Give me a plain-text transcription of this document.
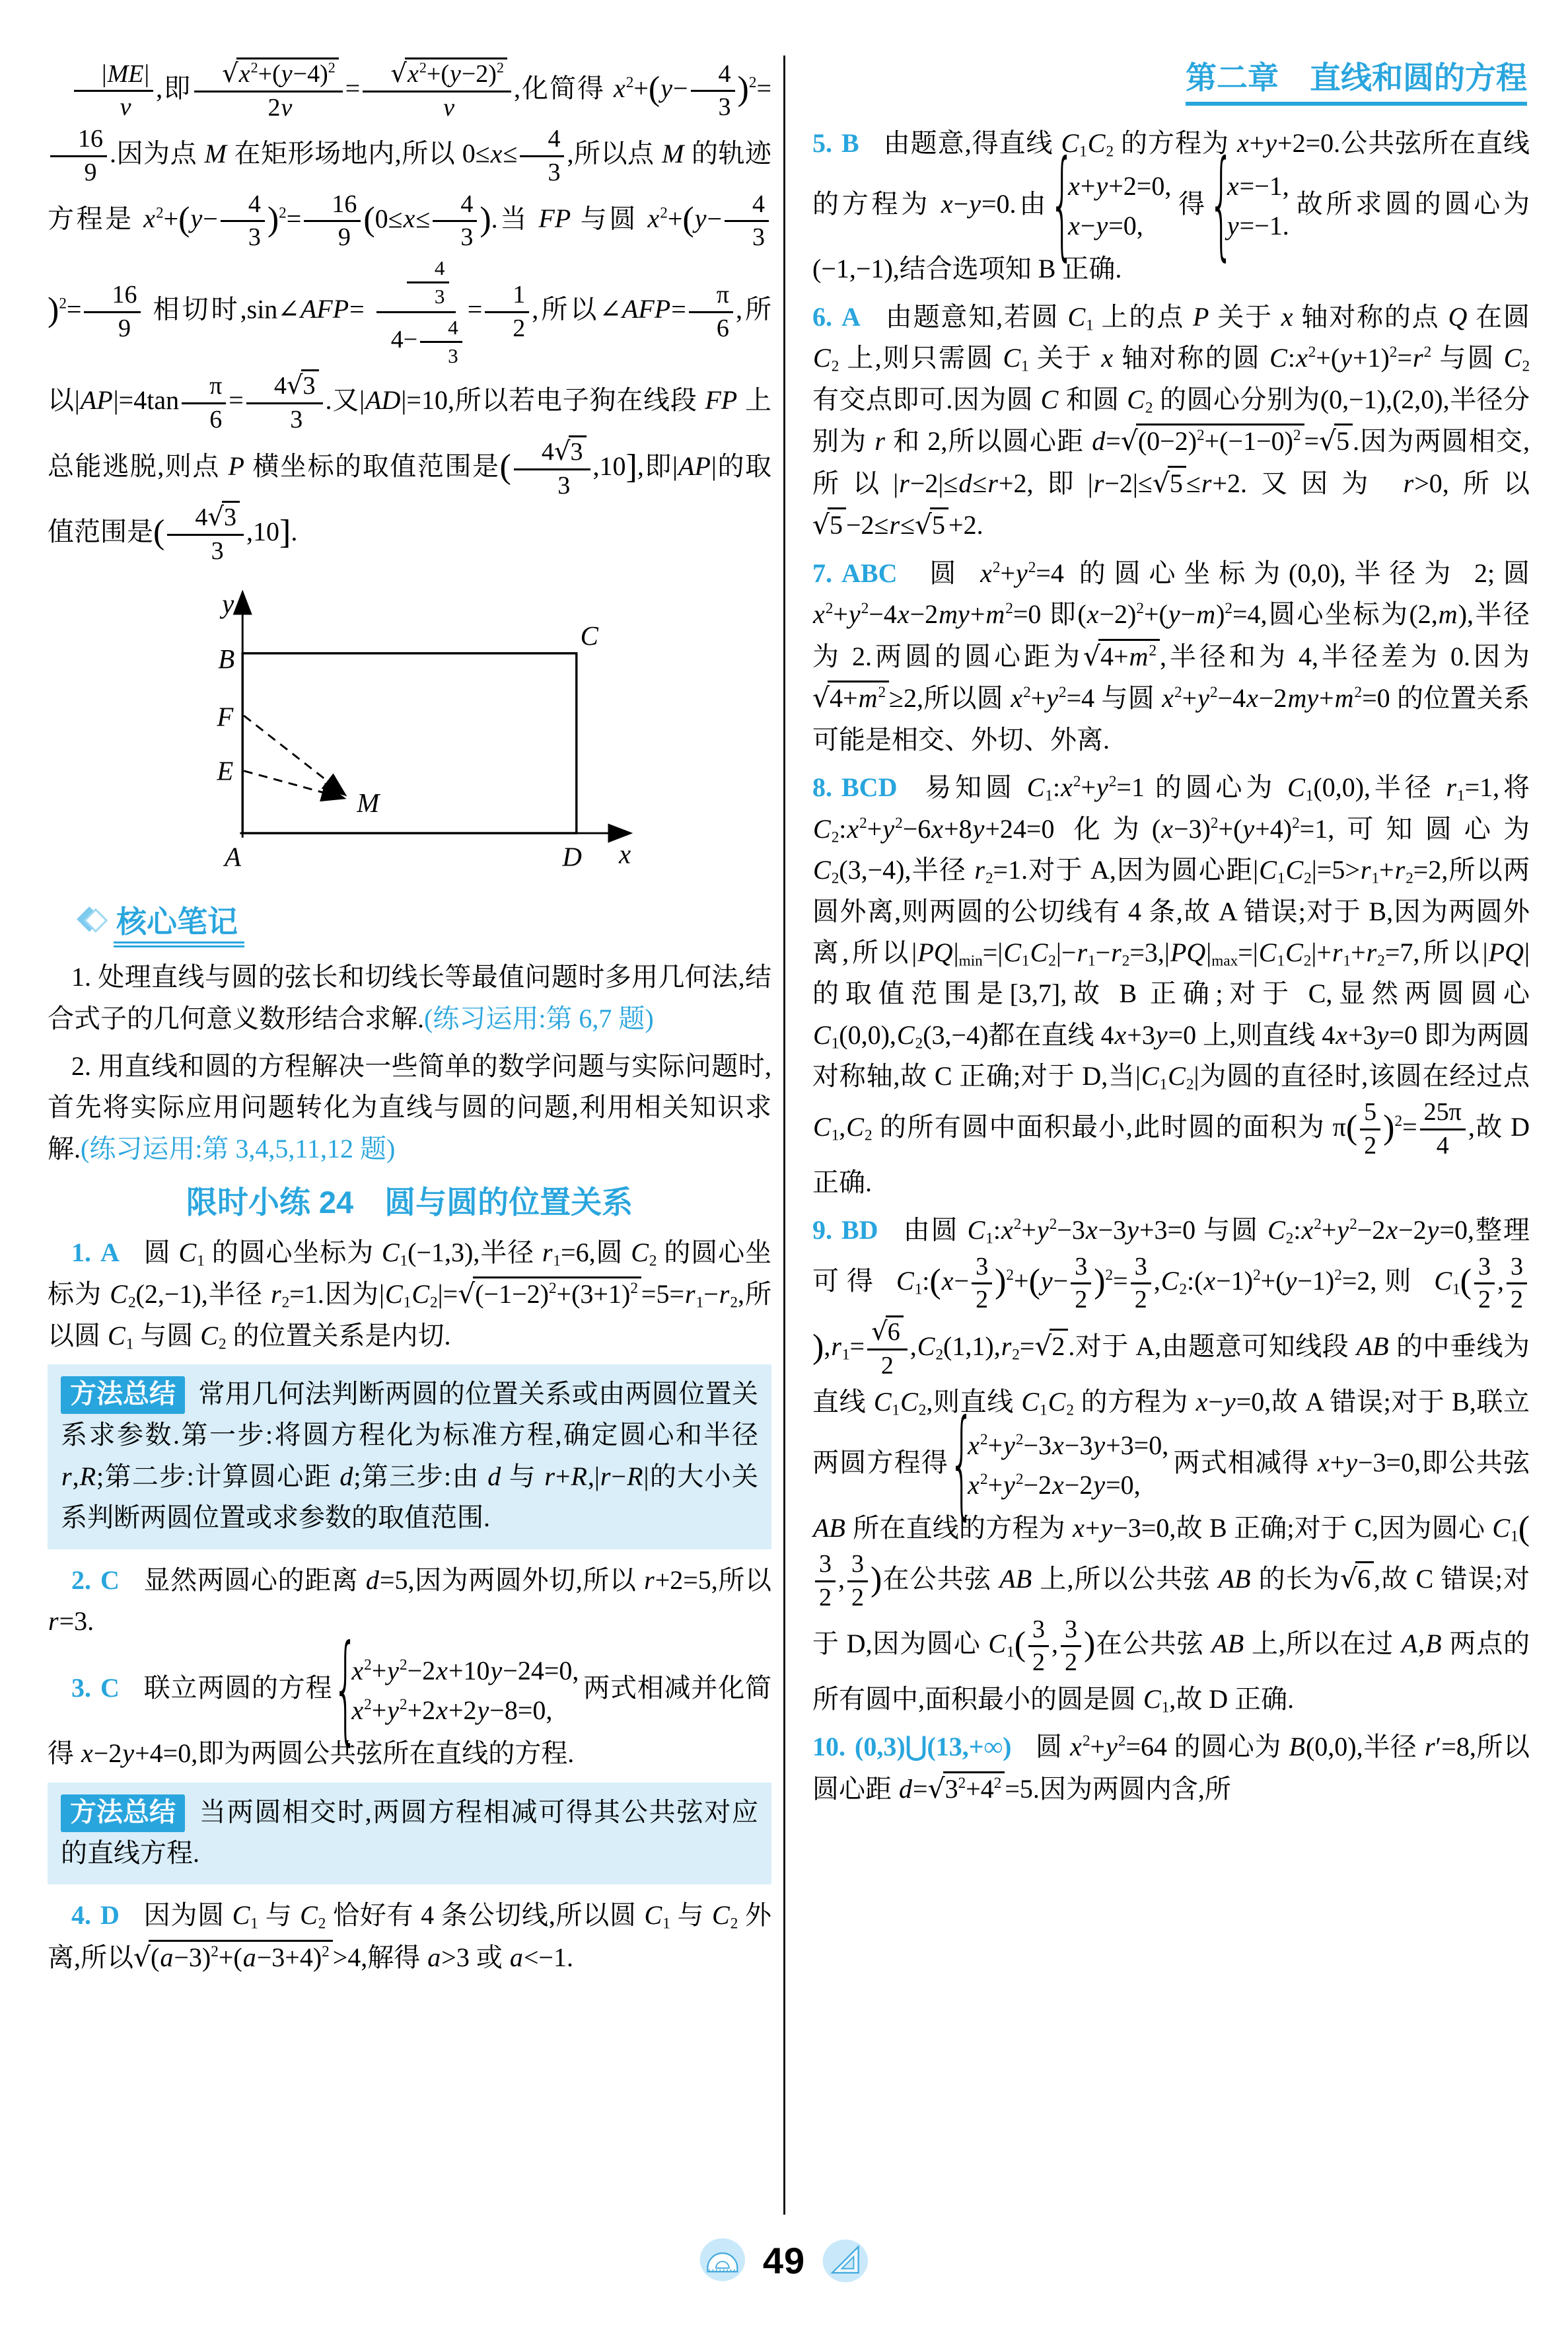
第二章　直线和圆的方程

$\frac{|ME|}{v}$ ,即 √ $\frac{x^2+(y-4)^2}{2v}$ = √ $\frac{x^2+(y-2)^2}{v}$ ,化简得 $x^2+(y- \frac{4}{3} )^2=$
$\frac{16}{9}$ .因为点 M 在矩形场地内,所以 $0\le x\le \frac{4}{3}$ ,所以点 M 的轨迹方程是 $x^2+(y- \frac{4}{3} )^2= \frac{16}{9} (0\le x\le \frac{4}{3}$ ).当 FP 与圆 $x^2+(y- \frac{4}{3}$
)$^2= \frac{16}{9}$ 相切时,sin∠AFP= $\frac{\frac{4}{3}}{4- \frac{4}{3}} = \frac{1}{2}$ ,所以∠AFP= $\frac{\pi}{6}$ ,所以$|AP|=4\tan \frac{\pi}{6} = \frac{4 √ 3}{3}$ .又|AD|=10,所以若电子狗在线段 FP 上总能逃脱,则点 P 横坐标的取值范围是( $\frac{4 √ 3}{3} ,10$],即|AP|的取值范围是( $\frac{4 √ 3}{3} ,10$].

y
x
B
C
F
E
M
A	D
核心笔记

1. 处理直线与圆的弦长和切线长等最值问题时多用几何法,结合式子的几何意义数形结合求解.(练习运用:第 6,7 题)

2. 用直线和圆的方程解决一些简单的数学问题与实际问题时,首先将实际应用问题转化为直线与圆的问题,利用相关知识求解.(练习运用:第 3,4,5,11,12 题)

限时小练 24　圆与圆的位置关系

1. A 圆 $C_1$ 的圆心坐标为 $C_1(-1,3)$,半径 $r_1=6$,圆 $C_2$ 的圆心坐标为 $C_2(2,-1)$,半径 $r_2=1$.因为$|C_1C_2|=$ √ $(-1-2)^2+(3+1)^2 =5=r_1-r_2$,所以圆 $C_1$ 与圆 $C_2$ 的位置关系是内切.

方法总结 常用几何法判断两圆的位置关系或由两圆位置关系求参数.第一步:将圆方程化为标准方程,确定圆心和半径 r,R;第二步:计算圆心距 d;第三步:由 d 与 r+R,|r−R|的大小关系判断两圆位置或求参数的取值范围.

2. C 显然两圆心的距离 d=5,因为两圆外切,所以 r+2=5,所以 r=3.

3. C 联立两圆的方程
{ $x^2+y^2-2x+10y-24=0$,
$x^2+y^2+2x+2y-8=0$,
两式相减并化简得 x−2y+4=0,即为两圆公共弦所在直线的方程.

方法总结 当两圆相交时,两圆方程相减可得其公共弦对应的直线方程.

4. D 因为圆 $C_1$ 与 $C_2$ 恰好有 4 条公切线,所以圆 $C_1$ 与 $C_2$ 外离,所以 √ $(a-3)^2+(a-3+4)^2 >4$,解得 a>3 或 a<−1.

5. B 由题意,得直线 $C_1C_2$ 的方程为 x+y+2=0.公共弦所在直线的方程为 x−y=0.由
{ x+y+2=0,
x−y=0,
得
{ x=−1,
y=−1.
故所求圆的圆心为(−1,−1),结合选项知 B 正确.

6. A 由题意知,若圆 $C_1$ 上的点 P 关于 x 轴对称的点 Q 在圆 $C_2$ 上,则只需圆 $C_1$ 关于 x 轴对称的圆 $C:x^2+(y+1)^2=r^2$ 与圆 $C_2$ 有交点即可.因为圆 C 和圆 $C_2$ 的圆心分别为(0,−1),(2,0),半径分别为 r 和 2,所以圆心距 d= √ $(0-2)^2+(-1-0)^2$ = √ 5 .因为两圆相交,所以|r−2|≤d≤r+2,即|r−2|≤ √ 5 ≤r+2.又因为 r>0,所以√ 5 −2≤r≤ √ 5 +2.

7. ABC 圆 $x^2+y^2=4$ 的圆心坐标为(0,0),半径为 2;圆 $x^2+y^2-4x-2my+m^2=0$ 即$(x-2)^2+(y-m)^2=4$,圆心坐标为(2,m),半径为 2.两圆的圆心距为 √ $4+m^2$ ,半径和为 4,半径差为 0.因为√ $4+m^2 \ge 2$,所以圆 $x^2+y^2=4$ 与圆 $x^2+y^2-4x-2my+m^2=0$ 的位置关系可能是相交、外切、外离.

8. BCD 易知圆 $C_1:x^2+y^2=1$ 的圆心为 $C_1(0,0)$,半径 $r_1=1$,将 $C_2:x^2+y^2-6x+8y+24=0$ 化为$(x-3)^2+(y+4)^2=1$,可知圆心为 $C_2(3,-4)$,半径 $r_2=1$.对于 A,因为圆心距$|C_1C_2|=5>r_1+r_2=2$,所以两圆外离,则两圆的公切线有 4 条,故 A 错误;对于 B,因为两圆外离,所以$|PQ|_{min}=|C_1C_2|-r_1-r_2=3,|PQ|_{max}=|C_1C_2|+r_1+r_2=7$,所以|PQ|的取值范围是[3,7],故 B 正确;对于 C,显然两圆圆心 $C_1(0,0),C_2(3,-4)$都在直线 4x+3y=0 上,则直线 4x+3y=0 即为两圆对称轴,故 C 正确;对于 D,当$|C_1C_2|$为圆的直径时,该圆在经过点 $C_1,C_2$ 的所有圆中面积最小,此时圆的面积为 $\pi( \frac{5}{2} )^2= \frac{25\pi}{4}$ ,故 D 正确.

9. BD 由圆 $C_1:x^2+y^2-3x-3y+3=0$ 与圆 $C_2:x^2+y^2-2x-2y=0$,整理可得 $C_1:(x- \frac{3}{2} )^2+(y- \frac{3}{2} )^2= \frac{3}{2}$ $,C_2:(x-1)^2+(y-1)^2=2$,则 $C_1( \frac{3}{2}$ , $\frac{3}{2}$
)$,r_1=$ √ $\frac{6}{2} ,C_2(1,1),r_2=$ √ 2 .对于 A,由题意可知线段 AB 的中垂线为直线 $C_1C_2$,则直线 $C_1C_2$ 的方程为 x−y=0,故 A 错误;对于 B,联立两圆方程得
{ $x^2+y^2-3x-3y+3=0$,
$x^2+y^2-2x-2y=0$,
两式相减得 x+y−3=0,即公共弦 AB 所在直线的方程为 x+y−3=0,故 B 正确;对于 C,因为圆心 $C_1$(
$\frac{3}{2}$ , $\frac{3}{2}$ )在公共弦 AB 上,所以公共弦 AB 的长为 √ 6 ,故 C 错误;对于 D,因为圆心 $C_1( \frac{3}{2}$ , $\frac{3}{2}$ )在公共弦 AB 上,所以在过 A,B 两点的所有圆中,面积最小的圆是圆 $C_1$,故 D 正确.

10. (0,3)⋃(13,+∞) 圆 $x^2+y^2=64$ 的圆心为 B(0,0),半径 r′=8,所以圆心距 d= √ $3^2+4^2 =5$.因为两圆内含,所

49
